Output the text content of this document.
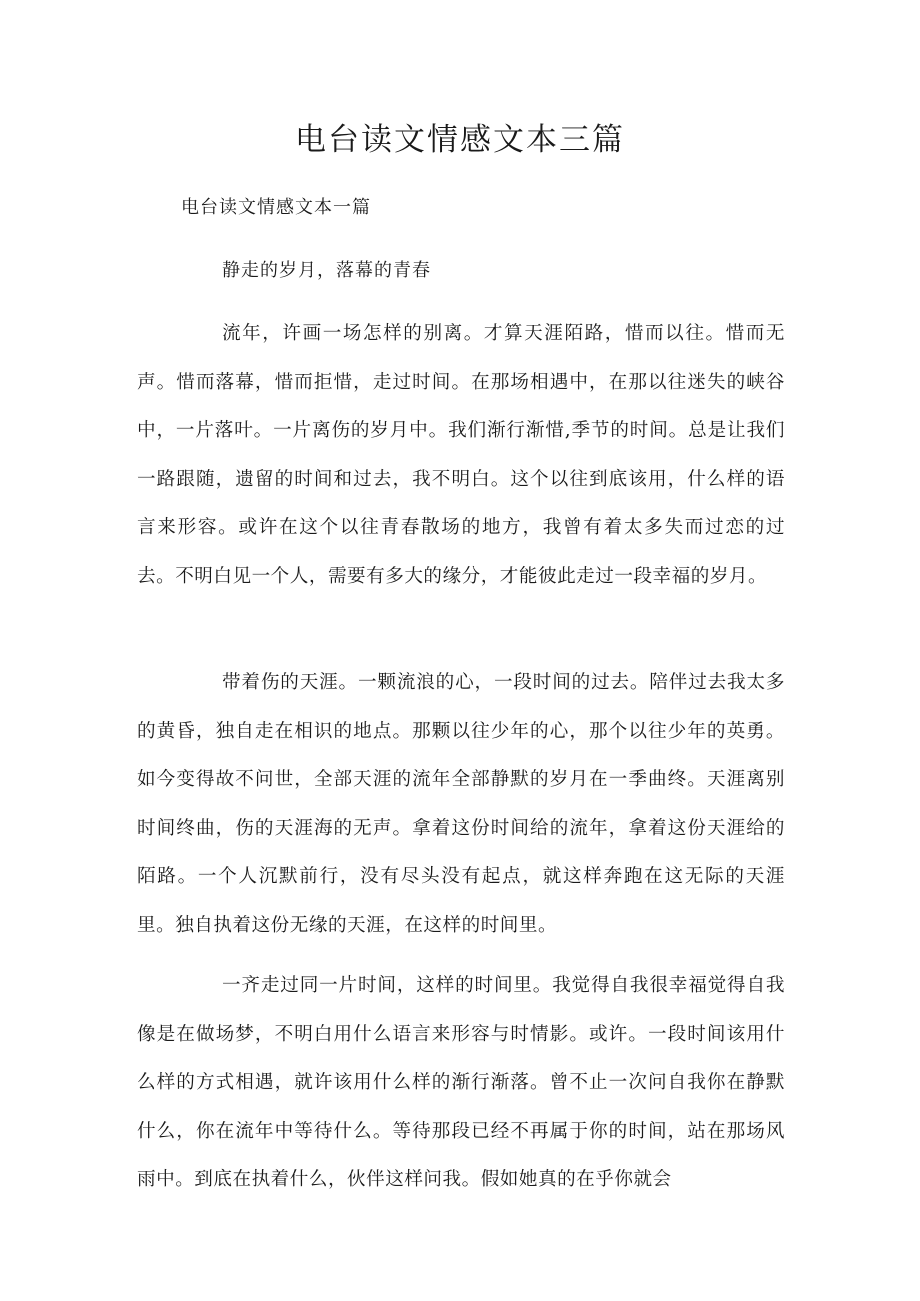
电台读文情感文本三篇
电台读文情感文本一篇
静走的岁月，落幕的青春

流年，许画一场怎样的别离。才算天涯陌路，惜而以往。惜而无声。惜而落幕，惜而拒惜，走过时间。在那场相遇中，在那以往迷失的峡谷中，一片落叶。一片离伤的岁月中。我们渐行渐惜,季节的时间。总是让我们一路跟随，遗留的时间和过去，我不明白。这个以往到底该用，什么样的语言来形容。或许在这个以往青春散场的地方，我曾有着太多失而过恋的过去。不明白见一个人，需要有多大的缘分，才能彼此走过一段幸福的岁月。

带着伤的天涯。一颗流浪的心，一段时间的过去。陪伴过去我太多的黄昏，独自走在相识的地点。那颗以往少年的心，那个以往少年的英勇。如今变得故不问世，全部天涯的流年全部静默的岁月在一季曲终。天涯离别时间终曲，伤的天涯海的无声。拿着这份时间给的流年，拿着这份天涯给的陌路。一个人沉默前行，没有尽头没有起点，就这样奔跑在这无际的天涯里。独自执着这份无缘的天涯，在这样的时间里。

一齐走过同一片时间，这样的时间里。我觉得自我很幸福觉得自我像是在做场梦，不明白用什么语言来形容与时情影。或许。一段时间该用什么样的方式相遇，就许该用什么样的渐行渐落。曾不止一次问自我你在静默什么，你在流年中等待什么。等待那段已经不再属于你的时间，站在那场风雨中。到底在执着什么，伙伴这样问我。假如她真的在乎你就会
